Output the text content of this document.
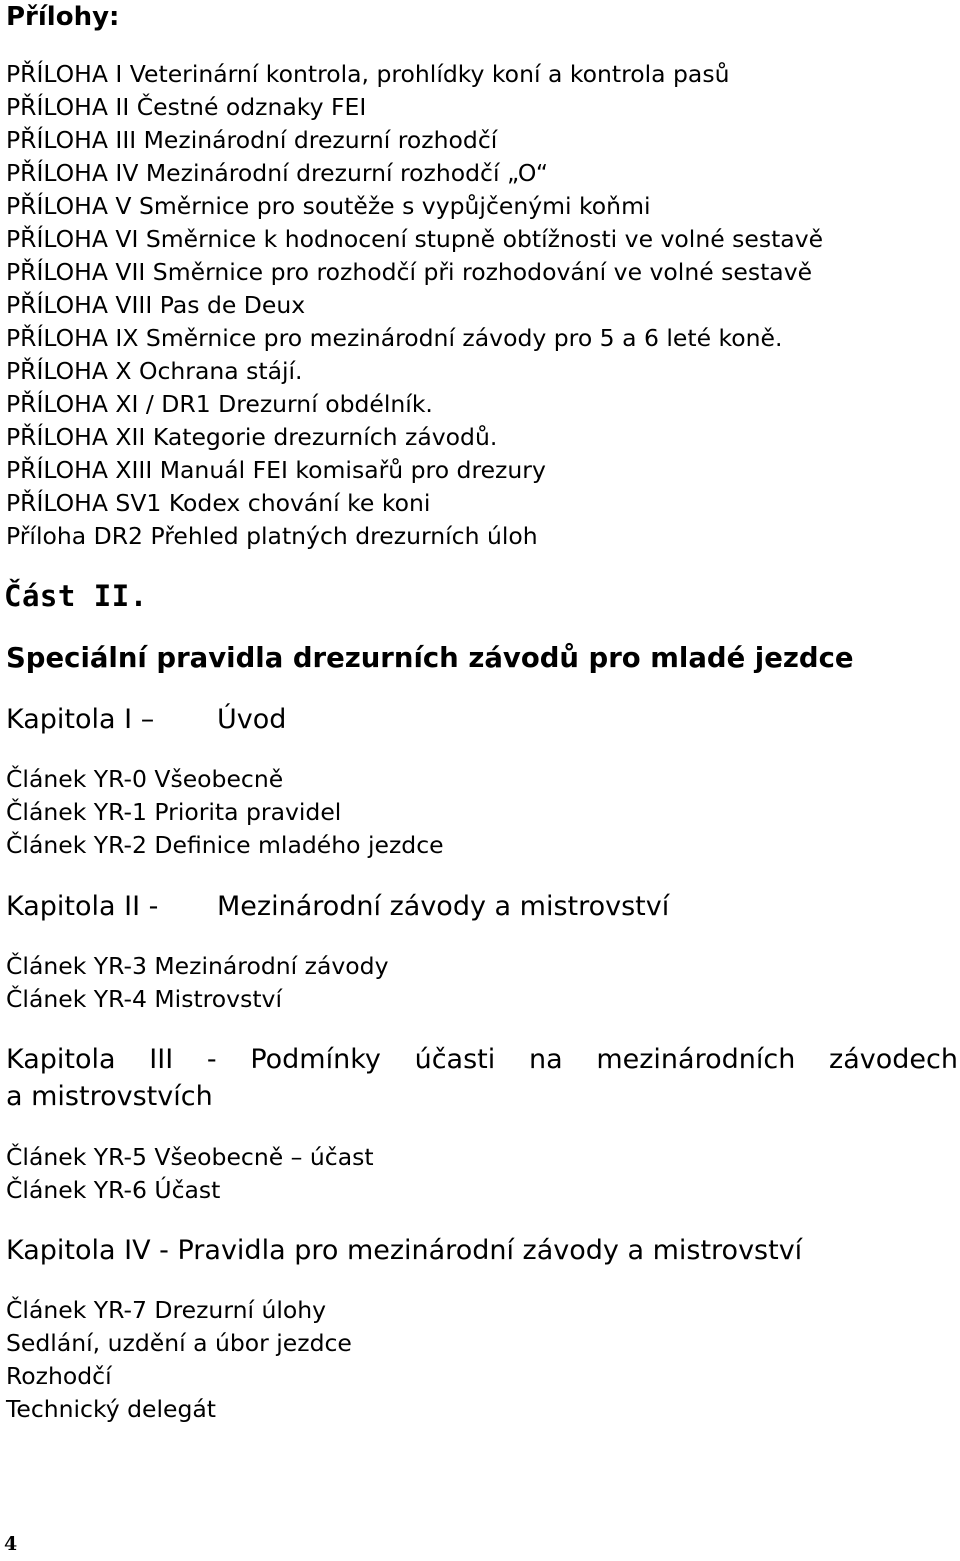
Přílohy:
PŘÍLOHA I Veterinární kontrola, prohlídky koní a kontrola pasů
PŘÍLOHA II Čestné odznaky FEI
PŘÍLOHA III Mezinárodní drezurní rozhodčí
PŘÍLOHA IV Mezinárodní drezurní rozhodčí „O“
PŘÍLOHA V Směrnice pro soutěže s vypůjčenými koňmi
PŘÍLOHA VI Směrnice k hodnocení stupně obtížnosti ve volné sestavě
PŘÍLOHA VII Směrnice pro rozhodčí při rozhodování ve volné sestavě
PŘÍLOHA VIII Pas de Deux
PŘÍLOHA IX Směrnice pro mezinárodní závody pro 5 a 6 leté koně.
PŘÍLOHA X Ochrana stájí.
PŘÍLOHA XI / DR1 Drezurní obdélník.
PŘÍLOHA XII Kategorie drezurních závodů.
PŘÍLOHA XIII Manuál FEI komisařů pro drezury
PŘÍLOHA SV1 Kodex chování ke koni
Příloha DR2 Přehled platných drezurních úloh
Část II.
Speciální pravidla drezurních závodů pro mladé jezdce
Kapitola I – Úvod
Článek YR-0 Všeobecně
Článek YR-1 Priorita pravidel
Článek YR-2 Definice mladého jezdce
Kapitola II - Mezinárodní závody a mistrovství
Článek YR-3 Mezinárodní závody
Článek YR-4 Mistrovství
Kapitola III - Podmínky účasti na mezinárodních závodech
a mistrovstvích
Článek YR-5 Všeobecně – účast
Článek YR-6 Účast
Kapitola IV - Pravidla pro mezinárodní závody a mistrovství
Článek YR-7 Drezurní úlohy
Sedlání, uzdění a úbor jezdce
Rozhodčí
Technický delegát
4
